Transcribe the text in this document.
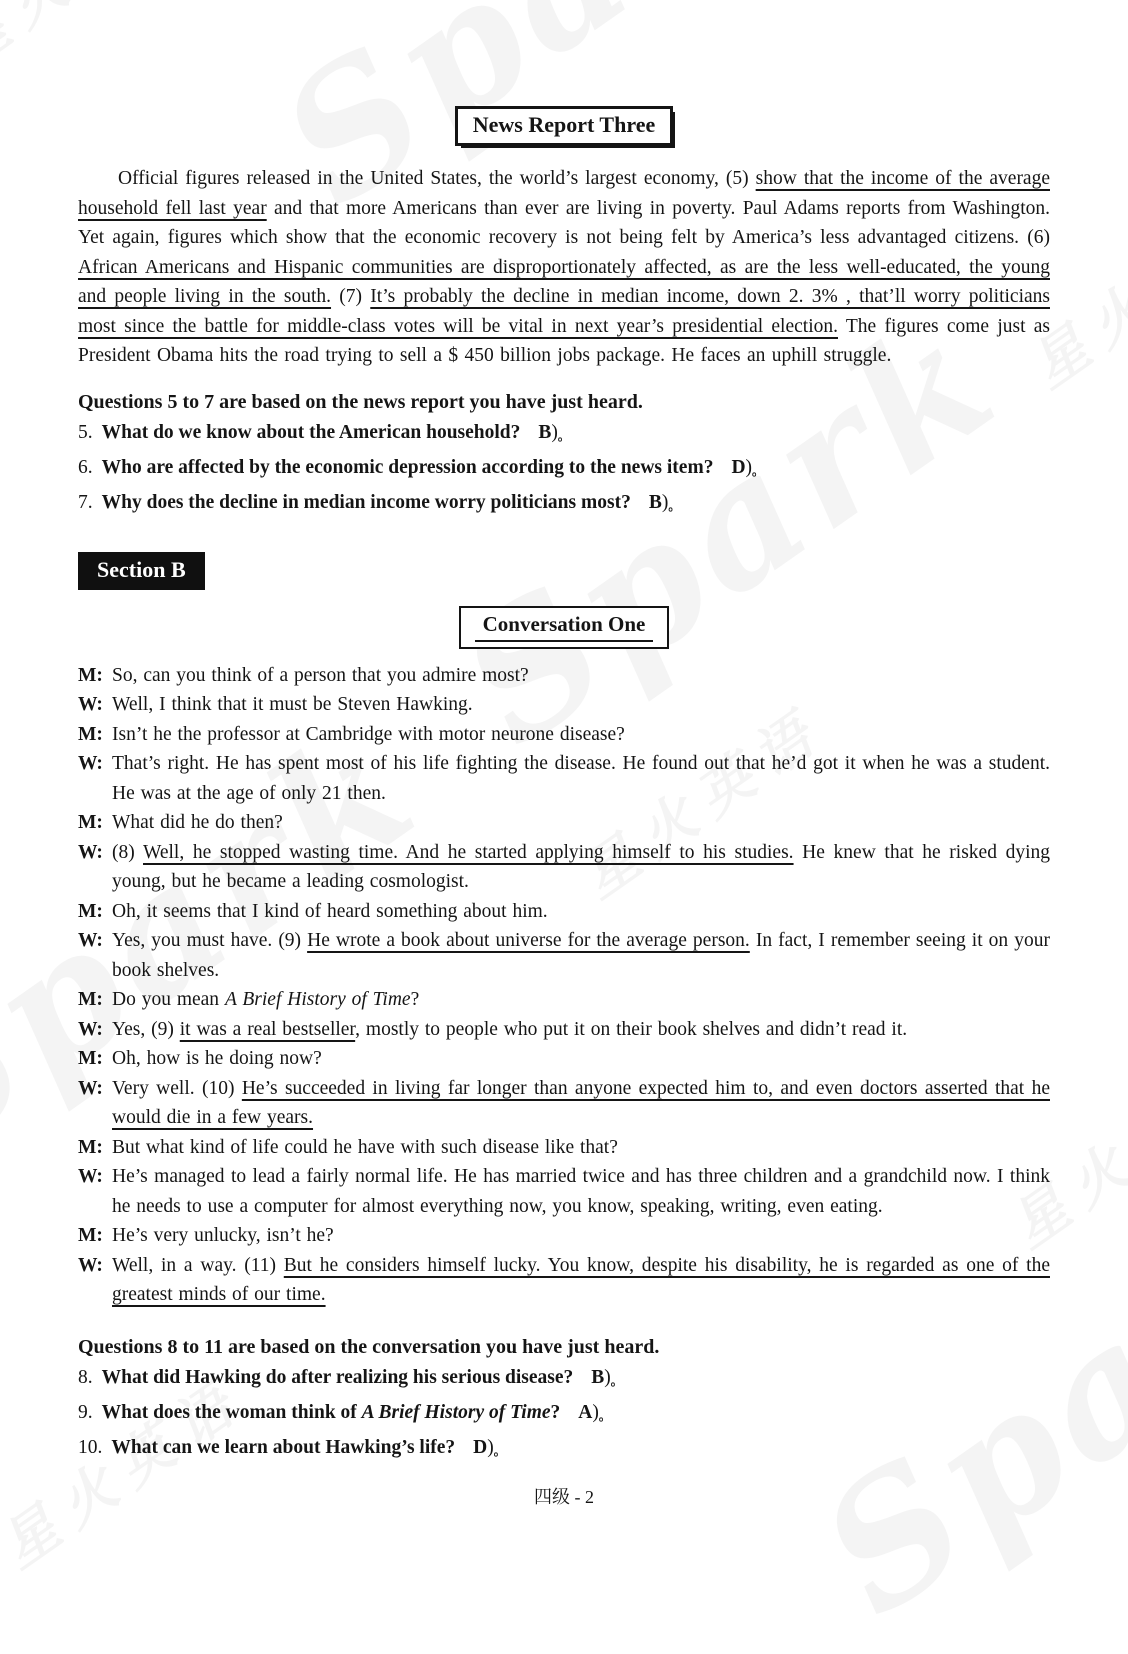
News Report Three

Official figures released in the United States, the world’s largest economy, (5) show that the income of the average household fell last year and that more Americans than ever are living in poverty. Paul Adams reports from Washington. Yet again, figures which show that the economic recovery is not being felt by America’s less advantaged citizens. (6) African Americans and Hispanic communities are disproportionately affected, as are the less well-educated, the young and people living in the south. (7) It’s probably the decline in median income, down 2. 3% , that’ll worry politicians most since the battle for middle-class votes will be vital in next year’s presidential election. The figures come just as President Obama hits the road trying to sell a $ 450 billion jobs package. He faces an uphill struggle.

Questions 5 to 7 are based on the news report you have just heard.
5. What do we know about the American household? B)。
6. Who are affected by the economic depression according to the news item? D)。
7. Why does the decline in median income worry politicians most? B)。
Section B
Conversation One
M: So, can you think of a person that you admire most?
W: Well, I think that it must be Steven Hawking.
M: Isn’t he the professor at Cambridge with motor neurone disease?
W: That’s right. He has spent most of his life fighting the disease. He found out that he’d got it when he was a student. He was at the age of only 21 then.
M: What did he do then?
W: (8) Well, he stopped wasting time. And he started applying himself to his studies. He knew that he risked dying young, but he became a leading cosmologist.
M: Oh, it seems that I kind of heard something about him.
W: Yes, you must have. (9) He wrote a book about universe for the average person. In fact, I remember seeing it on your book shelves.
M: Do you mean A Brief History of Time?
W: Yes, (9) it was a real bestseller, mostly to people who put it on their book shelves and didn’t read it.
M: Oh, how is he doing now?
W: Very well. (10) He’s succeeded in living far longer than anyone expected him to, and even doctors asserted that he would die in a few years.
M: But what kind of life could he have with such disease like that?
W: He’s managed to lead a fairly normal life. He has married twice and has three children and a grandchild now. I think he needs to use a computer for almost everything now, you know, speaking, writing, even eating.
M: He’s very unlucky, isn’t he?
W: Well, in a way. (11) But he considers himself lucky. You know, despite his disability, he is regarded as one of the greatest minds of our time.
Questions 8 to 11 are based on the conversation you have just heard.
8. What did Hawking do after realizing his serious disease? B)。
9. What does the woman think of A Brief History of Time? A)。
10. What can we learn about Hawking’s life? D)。
四级 - 2
